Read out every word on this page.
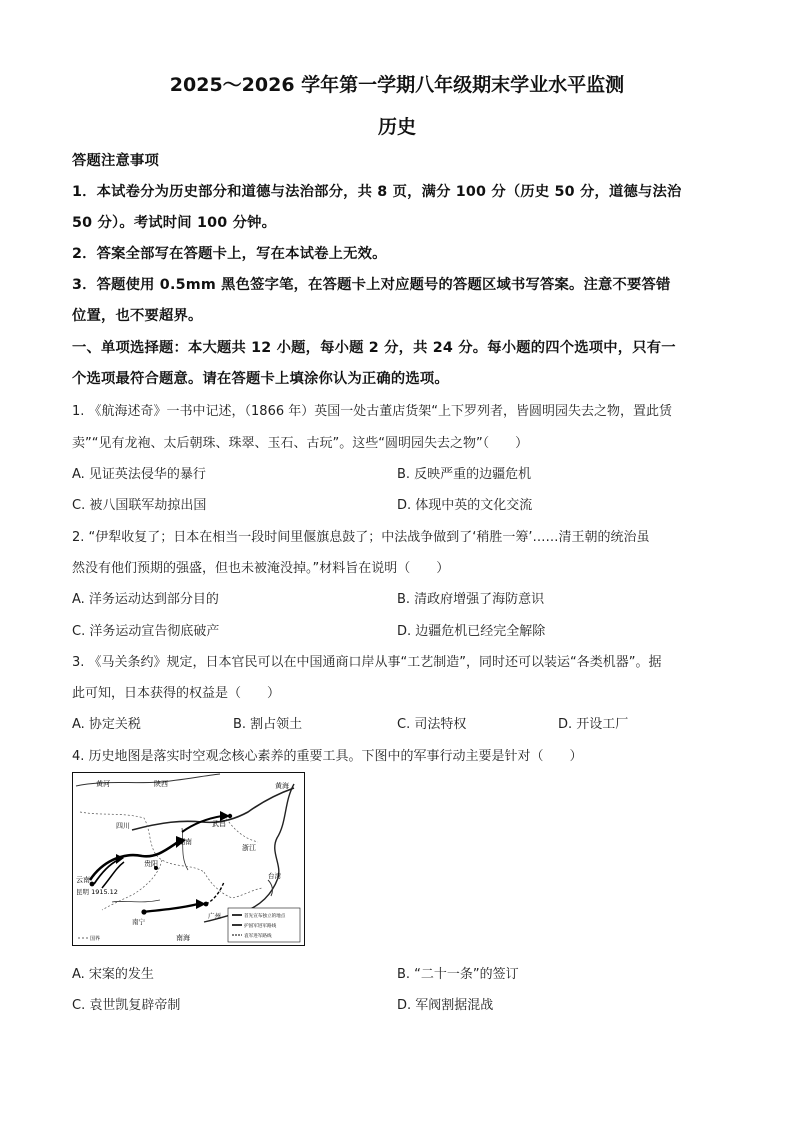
2025～2026 学年第一学期八年级期末学业水平监测
历史
答题注意事项
1．本试卷分为历史部分和道德与法治部分，共 8 页，满分 100 分（历史 50 分，道德与法治
50 分）。考试时间 100 分钟。
2．答案全部写在答题卡上，写在本试卷上无效。
3．答题使用 0.5mm 黑色签字笔，在答题卡上对应题号的答题区域书写答案。注意不要答错
位置，也不要超界。
一、单项选择题：本大题共 12 小题，每小题 2 分，共 24 分。每小题的四个选项中，只有一
个选项最符合题意。请在答题卡上填涂你认为正确的选项。
1. 《航海述奇》一书中记述，（1866 年）英国一处古董店货架“上下罗列者，皆圆明园失去之物，置此赁
卖”“见有龙袍、太后朝珠、珠翠、玉石、古玩”。这些“圆明园失去之物”（　　）
A. 见证英法侵华的暴行	B. 反映严重的边疆危机
C. 被八国联军劫掠出国	D. 体现中英的文化交流
2. “伊犁收复了；日本在相当一段时间里偃旗息鼓了；中法战争做到了‘稍胜一筹’……清王朝的统治虽
然没有他们预期的强盛，但也未被淹没掉。”材料旨在说明（　　）
A. 洋务运动达到部分目的	B. 清政府增强了海防意识
C. 洋务运动宣告彻底破产	D. 边疆危机已经完全解除
3. 《马关条约》规定，日本官民可以在中国通商口岸从事“工艺制造”，同时还可以装运“各类机器”。据
此可知，日本获得的权益是（　　）
A. 协定关税	B. 割占领土	C. 司法特权	D. 开设工厂
4. 历史地图是落实时空观念核心素养的重要工具。下图中的军事行动主要是针对（　　）
黄河	陕西	黄海
四川	武昌
湖南
浙江
贵阳
云南
昆明 1915.12
南宁
广州
台湾
南海
首先宣布独立的地点
护国军进军路线
袁军进军路线
国界
A. 宋案的发生	B. “二十一条”的签订
C. 袁世凯复辟帝制	D. 军阀割据混战
